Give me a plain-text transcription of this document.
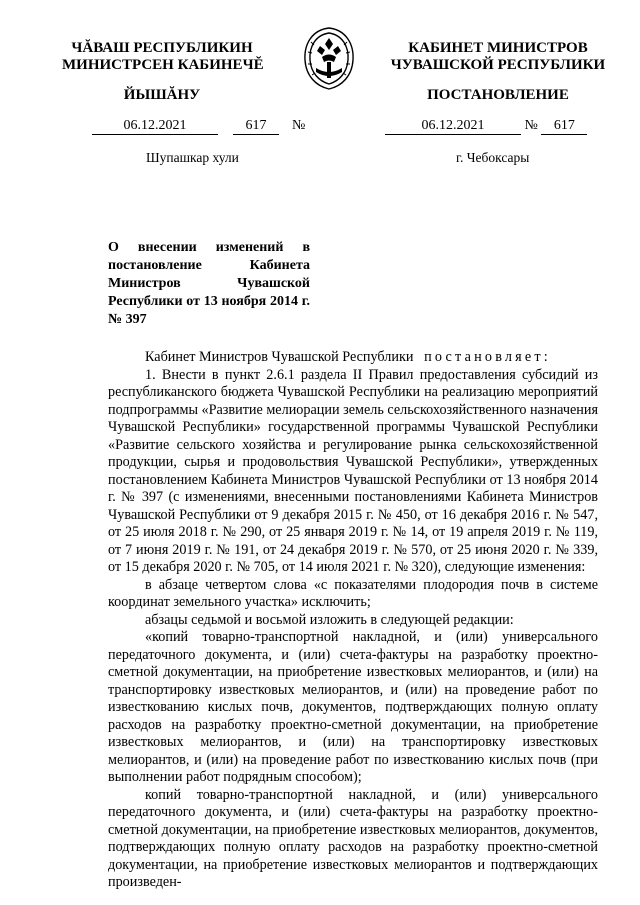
ЧĂВАШ РЕСПУБЛИКИН
МИНИСТРСЕН КАБИНЕЧĔ
ЙЫШĂНУ
КАБИНЕТ МИНИСТРОВ
ЧУВАШСКОЙ РЕСПУБЛИКИ
ПОСТАНОВЛЕНИЕ
06.12.2021	617 №	06.12.2021	№ 617
Шупашкар хули	г. Чебоксары
О внесении изменений в постановление Кабинета Министров Чувашской Республики от 13 ноября 2014 г. № 397

Кабинет Министров Чувашской Республики постановляет:

1. Внести в пункт 2.6.1 раздела II Правил предоставления субсидий из республиканского бюджета Чувашской Республики на реализацию мероприятий подпрограммы «Развитие мелиорации земель сельскохозяйственного назначения Чувашской Республики» государственной программы Чувашской Республики «Развитие сельского хозяйства и регулирование рынка сельскохозяйственной продукции, сырья и продовольствия Чувашской Республики», утвержденных постановлением Кабинета Министров Чувашской Республики от 13 ноября 2014 г. № 397 (с изменениями, внесенными постановлениями Кабинета Министров Чувашской Республики от 9 декабря 2015 г. № 450, от 16 декабря 2016 г. № 547, от 25 июля 2018 г. № 290, от 25 января 2019 г. № 14, от 19 апреля 2019 г. № 119, от 7 июня 2019 г. № 191, от 24 декабря 2019 г. № 570, от 25 июня 2020 г. № 339, от 15 декабря 2020 г. № 705, от 14 июля 2021 г. № 320), следующие изменения:

в абзаце четвертом слова «с показателями плодородия почв в системе координат земельного участка» исключить;

абзацы седьмой и восьмой изложить в следующей редакции:

«копий товарно-транспортной накладной, и (или) универсального передаточного документа, и (или) счета-фактуры на разработку проектно-сметной документации, на приобретение известковых мелиорантов, и (или) на транспортировку известковых мелиорантов, и (или) на проведение работ по известкованию кислых почв, документов, подтверждающих полную оплату расходов на разработку проектно-сметной документации, на приобретение известковых мелиорантов, и (или) на транспортировку известковых мелиорантов, и (или) на проведение работ по известкованию кислых почв (при выполнении работ подрядным способом);

копий товарно-транспортной накладной, и (или) универсального передаточного документа, и (или) счета-фактуры на разработку проектно-сметной документации, на приобретение известковых мелиорантов, документов, подтверждающих полную оплату расходов на разработку проектно-сметной документации, на приобретение известковых мелиорантов и подтверждающих произведен-
